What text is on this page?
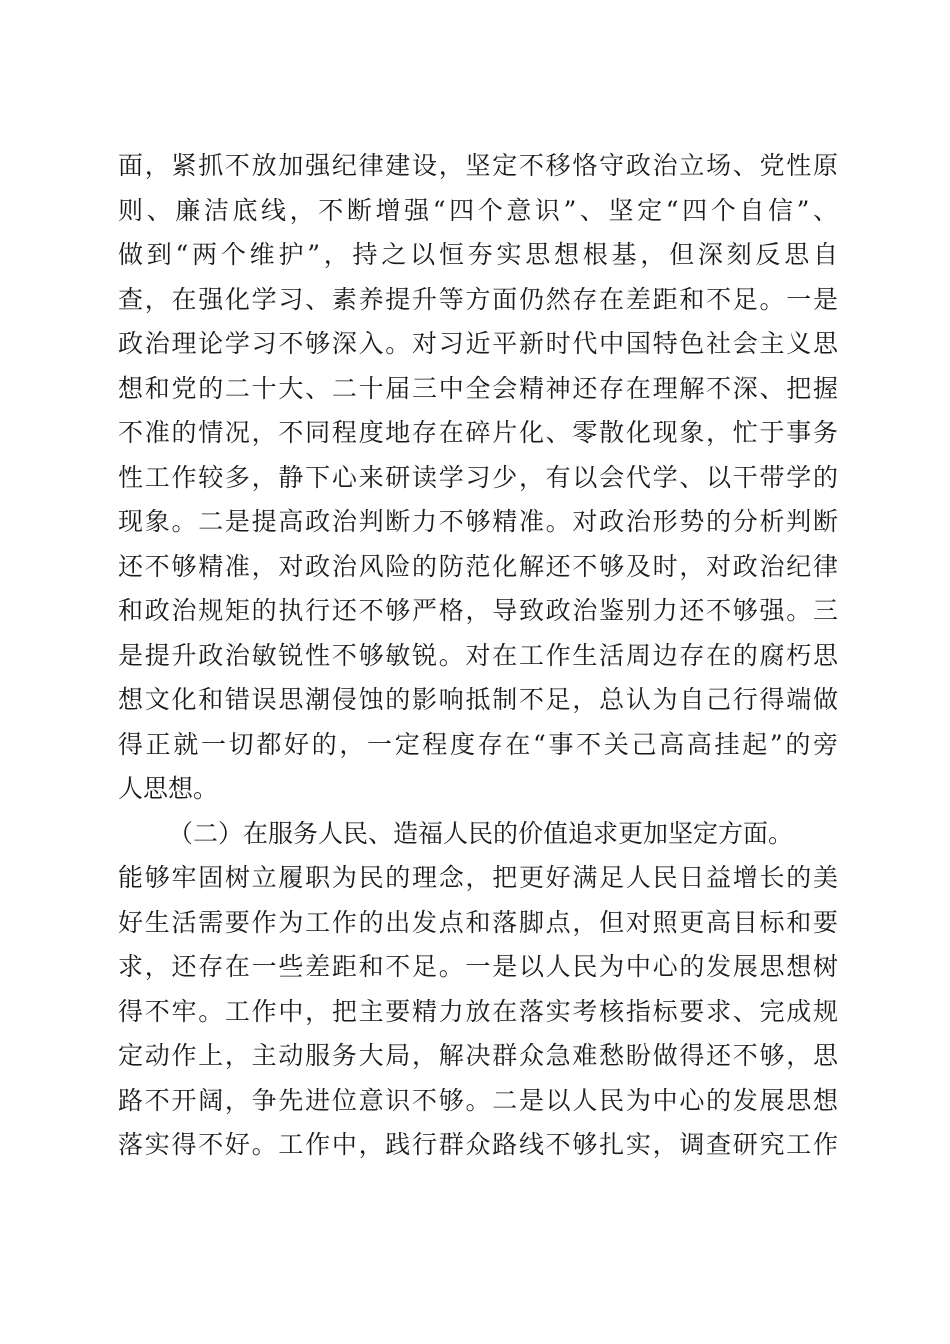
面，紧抓不放加强纪律建设，坚定不移恪守政治立场、党性原
则、廉洁底线，不断增强“四个意识”、坚定“四个自信”、
做到“两个维护”，持之以恒夯实思想根基，但深刻反思自
查，在强化学习、素养提升等方面仍然存在差距和不足。一是
政治理论学习不够深入。对习近平新时代中国特色社会主义思
想和党的二十大、二十届三中全会精神还存在理解不深、把握
不准的情况，不同程度地存在碎片化、零散化现象，忙于事务
性工作较多，静下心来研读学习少，有以会代学、以干带学的
现象。二是提高政治判断力不够精准。对政治形势的分析判断
还不够精准，对政治风险的防范化解还不够及时，对政治纪律
和政治规矩的执行还不够严格，导致政治鉴别力还不够强。三
是提升政治敏锐性不够敏锐。对在工作生活周边存在的腐朽思
想文化和错误思潮侵蚀的影响抵制不足，总认为自己行得端做
得正就一切都好的，一定程度存在“事不关己高高挂起”的旁
人思想。
（二）在服务人民、造福人民的价值追求更加坚定方面。
能够牢固树立履职为民的理念，把更好满足人民日益增长的美
好生活需要作为工作的出发点和落脚点，但对照更高目标和要
求，还存在一些差距和不足。一是以人民为中心的发展思想树
得不牢。工作中，把主要精力放在落实考核指标要求、完成规
定动作上，主动服务大局，解决群众急难愁盼做得还不够，思
路不开阔，争先进位意识不够。二是以人民为中心的发展思想
落实得不好。工作中，践行群众路线不够扎实，调查研究工作
